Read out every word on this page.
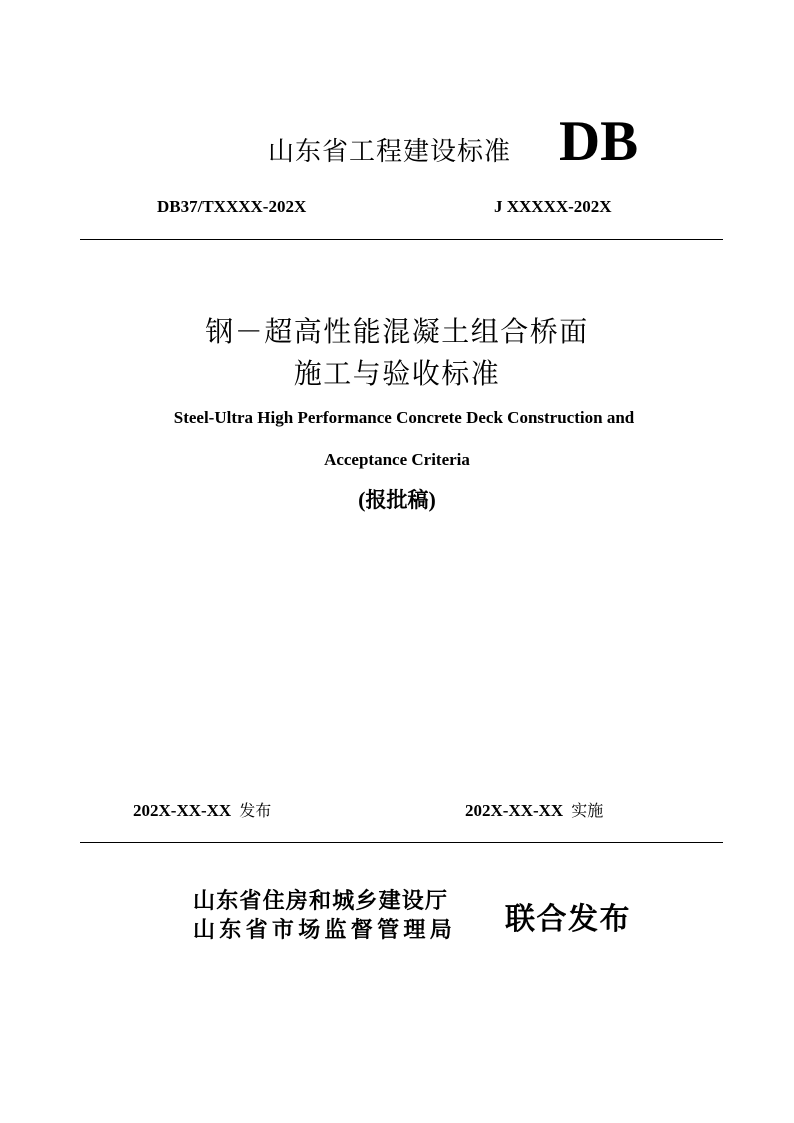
山东省工程建设标准 DB
DB37/TXXXX-202X	J XXXXX-202X
钢－超高性能混凝土组合桥面
施工与验收标准
Steel-Ultra High Performance Concrete Deck Construction and
Acceptance Criteria
(报批稿)
202X-XX-XX 发布	202X-XX-XX 实施
山东省住房和城乡建设厅
山东省市场监督管理局 联合发布
